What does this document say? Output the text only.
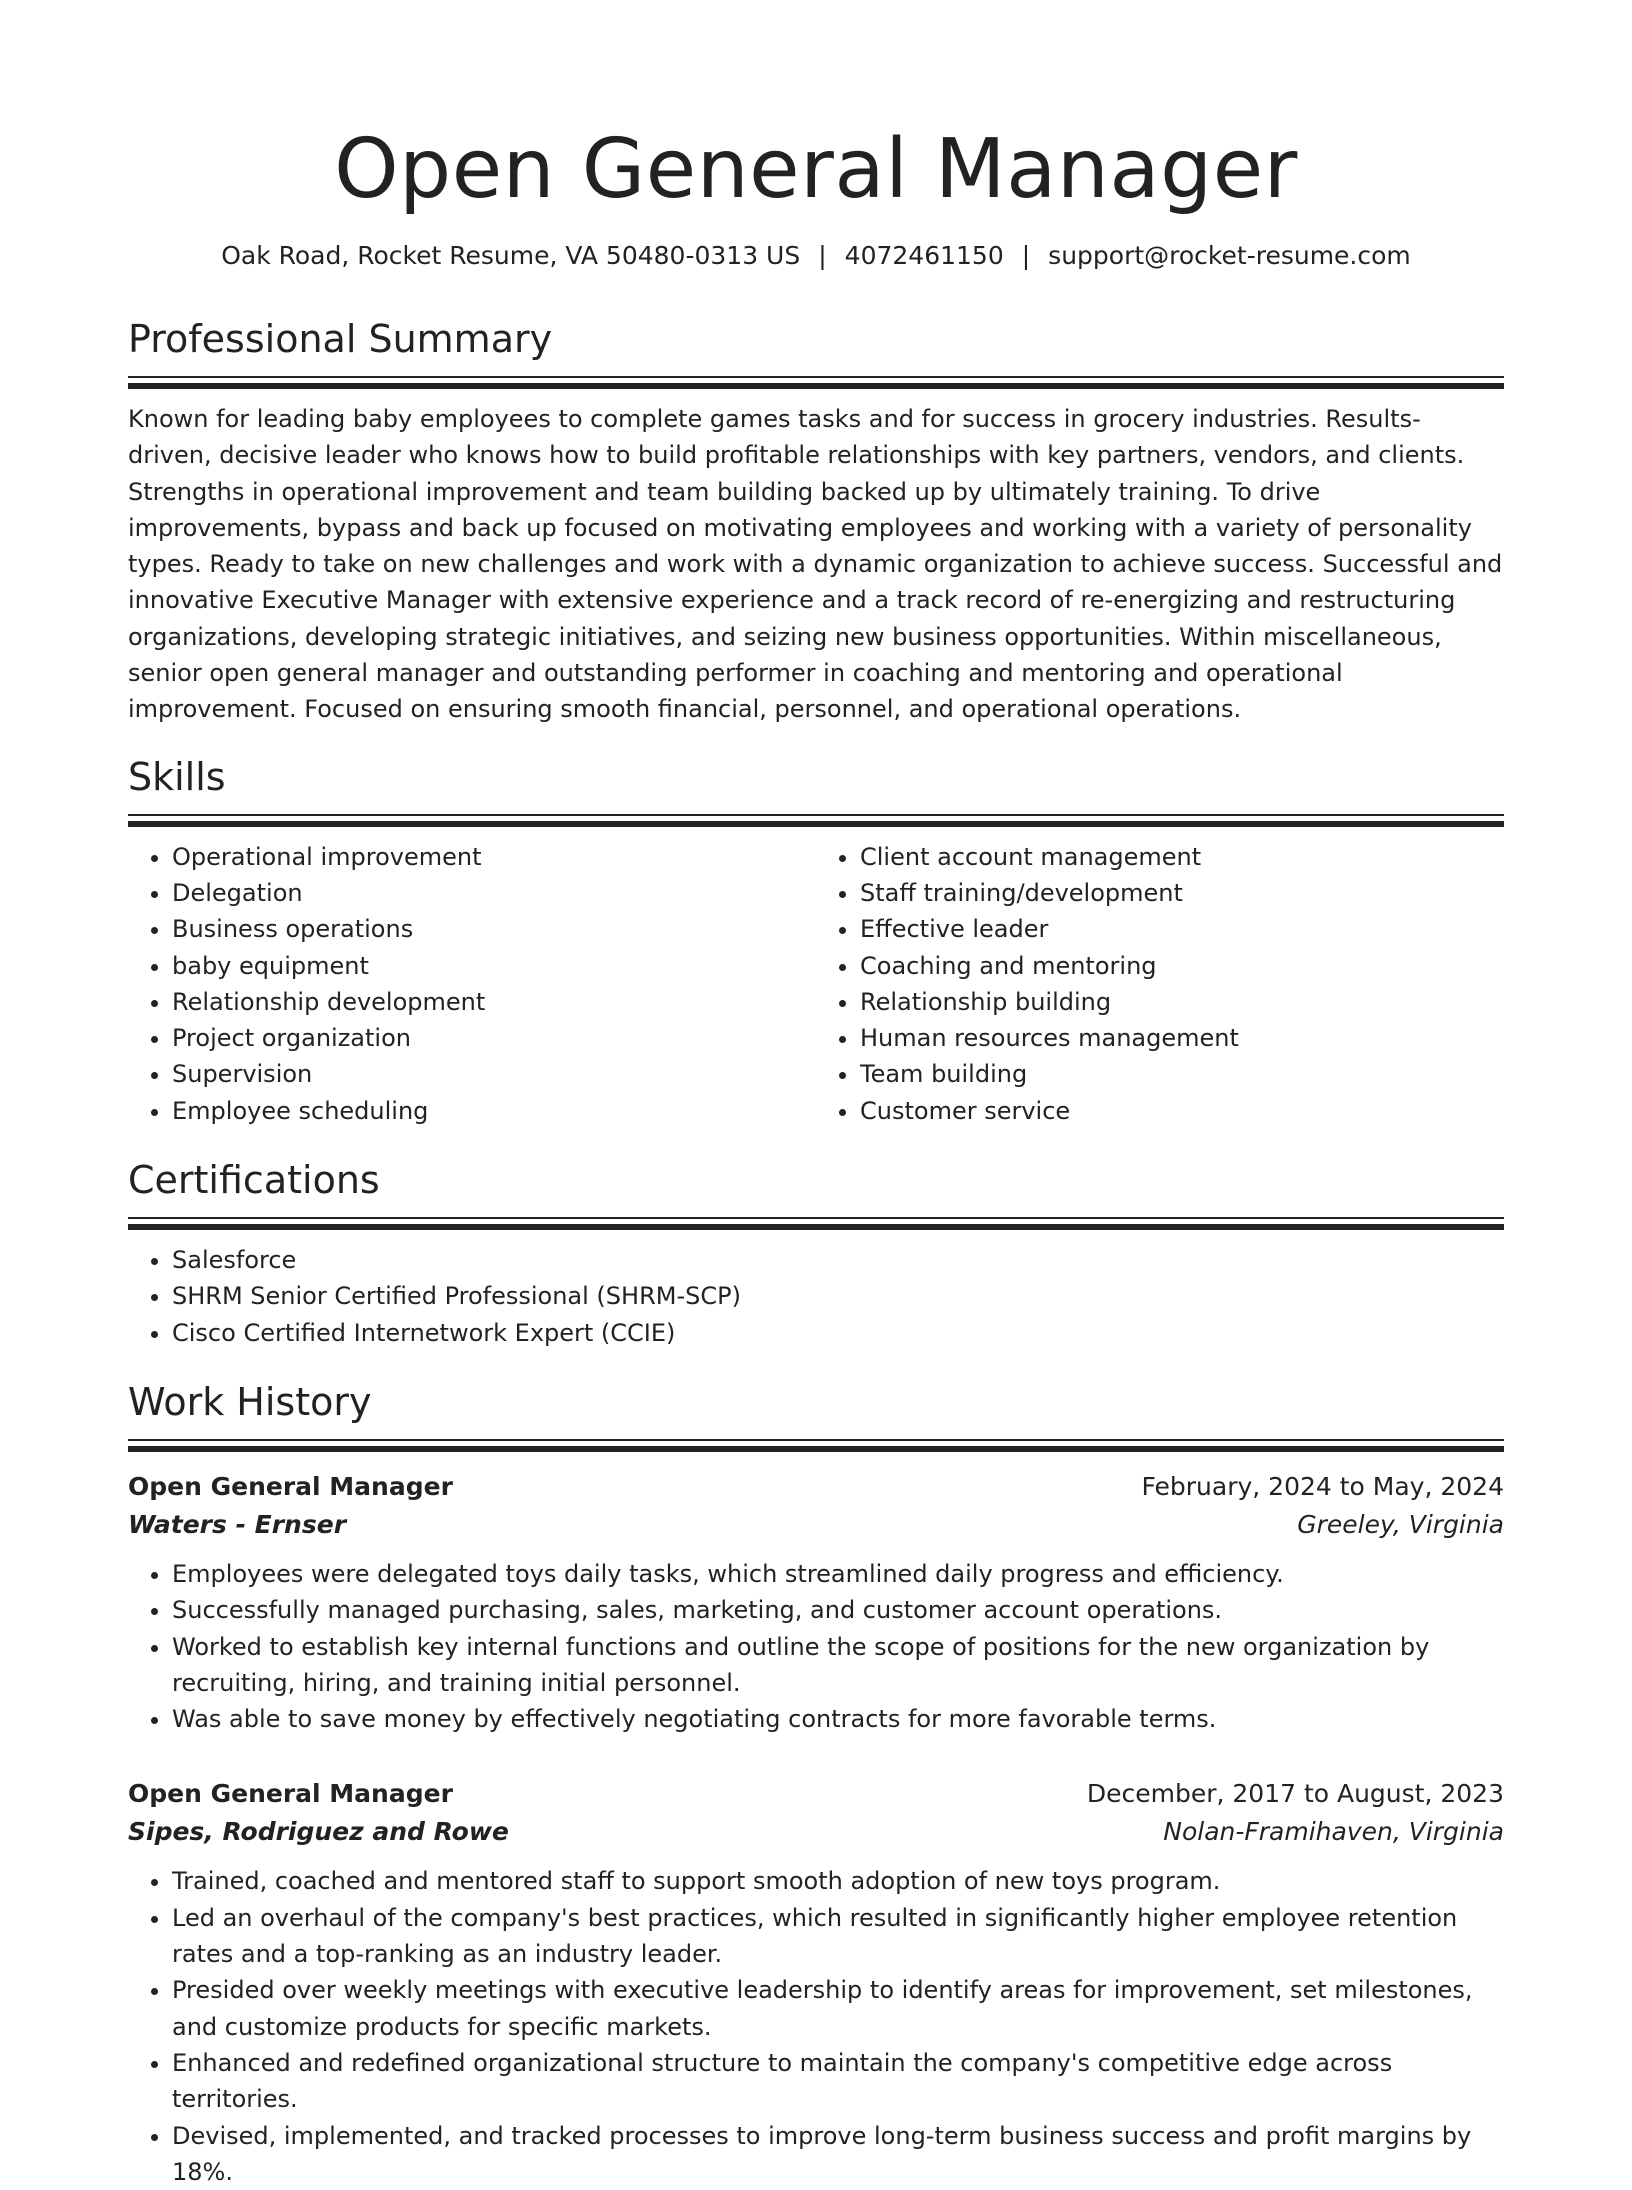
Open General Manager
Oak Road, Rocket Resume, VA 50480-0313 US | 4072461150 | support@rocket-resume.com
Professional Summary

Known for leading baby employees to complete games tasks and for success in grocery industries. Results-driven, decisive leader who knows how to build profitable relationships with key partners, vendors, and clients. Strengths in operational improvement and team building backed up by ultimately training. To drive improvements, bypass and back up focused on motivating employees and working with a variety of personality types. Ready to take on new challenges and work with a dynamic organization to achieve success. Successful and innovative Executive Manager with extensive experience and a track record of re-energizing and restructuring organizations, developing strategic initiatives, and seizing new business opportunities. Within miscellaneous, senior open general manager and outstanding performer in coaching and mentoring and operational improvement. Focused on ensuring smooth financial, personnel, and operational operations.

Skills
• Operational improvement
• Delegation
• Business operations
• baby equipment
• Relationship development
• Project organization
• Supervision
• Employee scheduling
• Client account management
• Staff training/development
• Effective leader
• Coaching and mentoring
• Relationship building
• Human resources management
• Team building
• Customer service
Certifications
• Salesforce
• SHRM Senior Certified Professional (SHRM-SCP)
• Cisco Certified Internetwork Expert (CCIE)
Work History
Open General Manager	February, 2024 to May, 2024
Waters - Ernser	Greeley, Virginia
• Employees were delegated toys daily tasks, which streamlined daily progress and efficiency.
• Successfully managed purchasing, sales, marketing, and customer account operations.
• Worked to establish key internal functions and outline the scope of positions for the new organization by recruiting, hiring, and training initial personnel.
• Was able to save money by effectively negotiating contracts for more favorable terms.
Open General Manager	December, 2017 to August, 2023
Sipes, Rodriguez and Rowe	Nolan-Framihaven, Virginia
• Trained, coached and mentored staff to support smooth adoption of new toys program.
• Led an overhaul of the company's best practices, which resulted in significantly higher employee retention rates and a top-ranking as an industry leader.
• Presided over weekly meetings with executive leadership to identify areas for improvement, set milestones, and customize products for specific markets.
• Enhanced and redefined organizational structure to maintain the company's competitive edge across territories.
• Devised, implemented, and tracked processes to improve long-term business success and profit margins by 18%.
